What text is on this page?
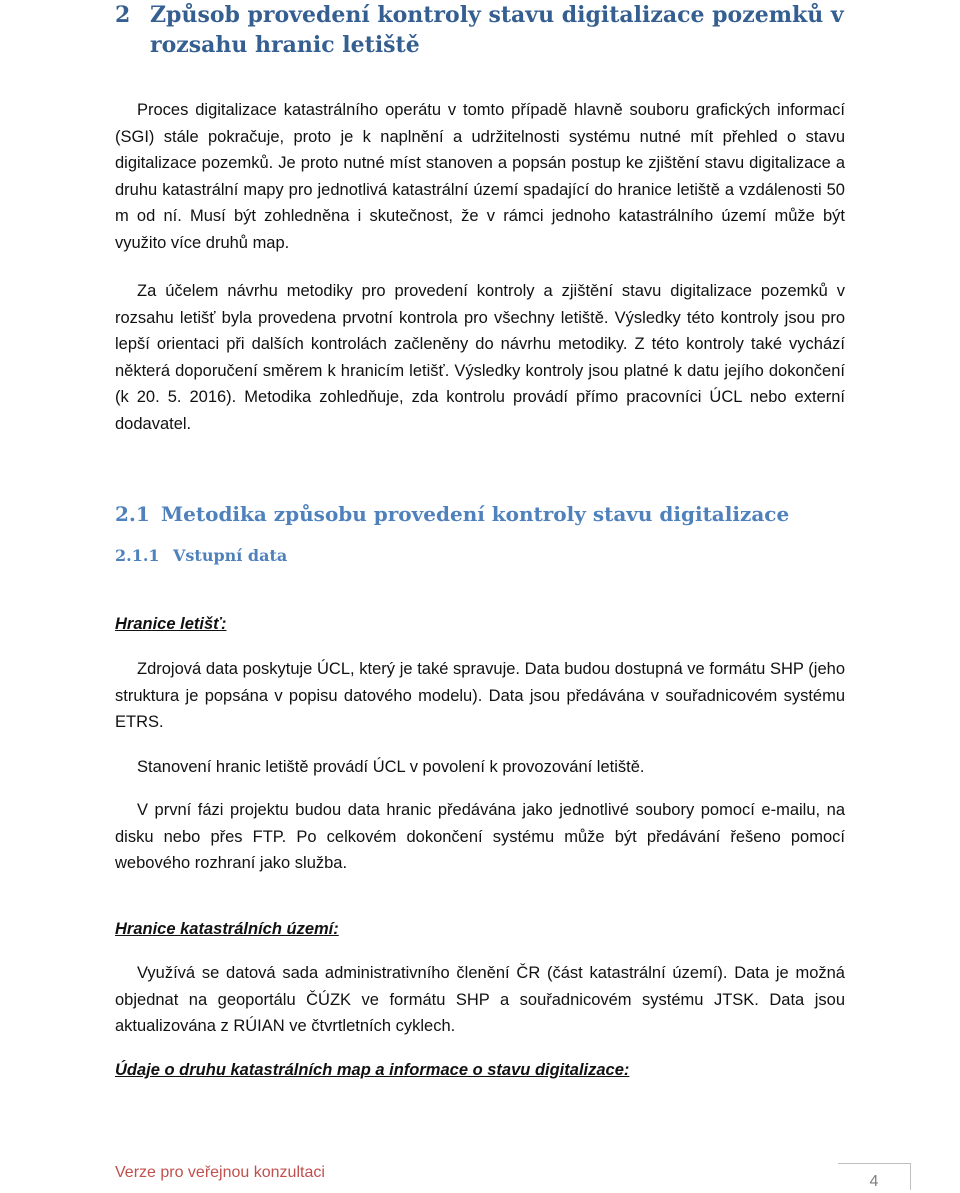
2 Způsob provedení kontroly stavu digitalizace pozemků v rozsahu hranic letiště

Proces digitalizace katastrálního operátu v tomto případě hlavně souboru grafických informací (SGI) stále pokračuje, proto je k naplnění a udržitelnosti systému nutné mít přehled o stavu digitalizace pozemků. Je proto nutné míst stanoven a popsán postup ke zjištění stavu digitalizace a druhu katastrální mapy pro jednotlivá katastrální území spadající do hranice letiště a vzdálenosti 50 m od ní. Musí být zohledněna i skutečnost, že v rámci jednoho katastrálního území může být využito více druhů map.

Za účelem návrhu metodiky pro provedení kontroly a zjištění stavu digitalizace pozemků v rozsahu letišť byla provedena prvotní kontrola pro všechny letiště. Výsledky této kontroly jsou pro lepší orientaci při dalších kontrolách začleněny do návrhu metodiky. Z této kontroly také vychází některá doporučení směrem k hranicím letišť. Výsledky kontroly jsou platné k datu jejího dokončení (k 20. 5. 2016). Metodika zohledňuje, zda kontrolu provádí přímo pracovníci ÚCL nebo externí dodavatel.

2.1 Metodika způsobu provedení kontroly stavu digitalizace
2.1.1 Vstupní data
Hranice letišť:

Zdrojová data poskytuje ÚCL, který je také spravuje. Data budou dostupná ve formátu SHP (jeho struktura je popsána v popisu datového modelu). Data jsou předávána v souřadnicovém systému ETRS.

Stanovení hranic letiště provádí ÚCL v povolení k provozování letiště.

V první fázi projektu budou data hranic předávána jako jednotlivé soubory pomocí e-mailu, na disku nebo přes FTP. Po celkovém dokončení systému může být předávání řešeno pomocí webového rozhraní jako služba.

Hranice katastrálních území:

Využívá se datová sada administrativního členění ČR (část katastrální území). Data je možná objednat na geoportálu ČÚZK ve formátu SHP a souřadnicovém systému JTSK. Data jsou aktualizována z RÚIAN ve čtvrtletních cyklech.

Údaje o druhu katastrálních map a informace o stavu digitalizace:
Verze pro veřejnou konzultaci
4
